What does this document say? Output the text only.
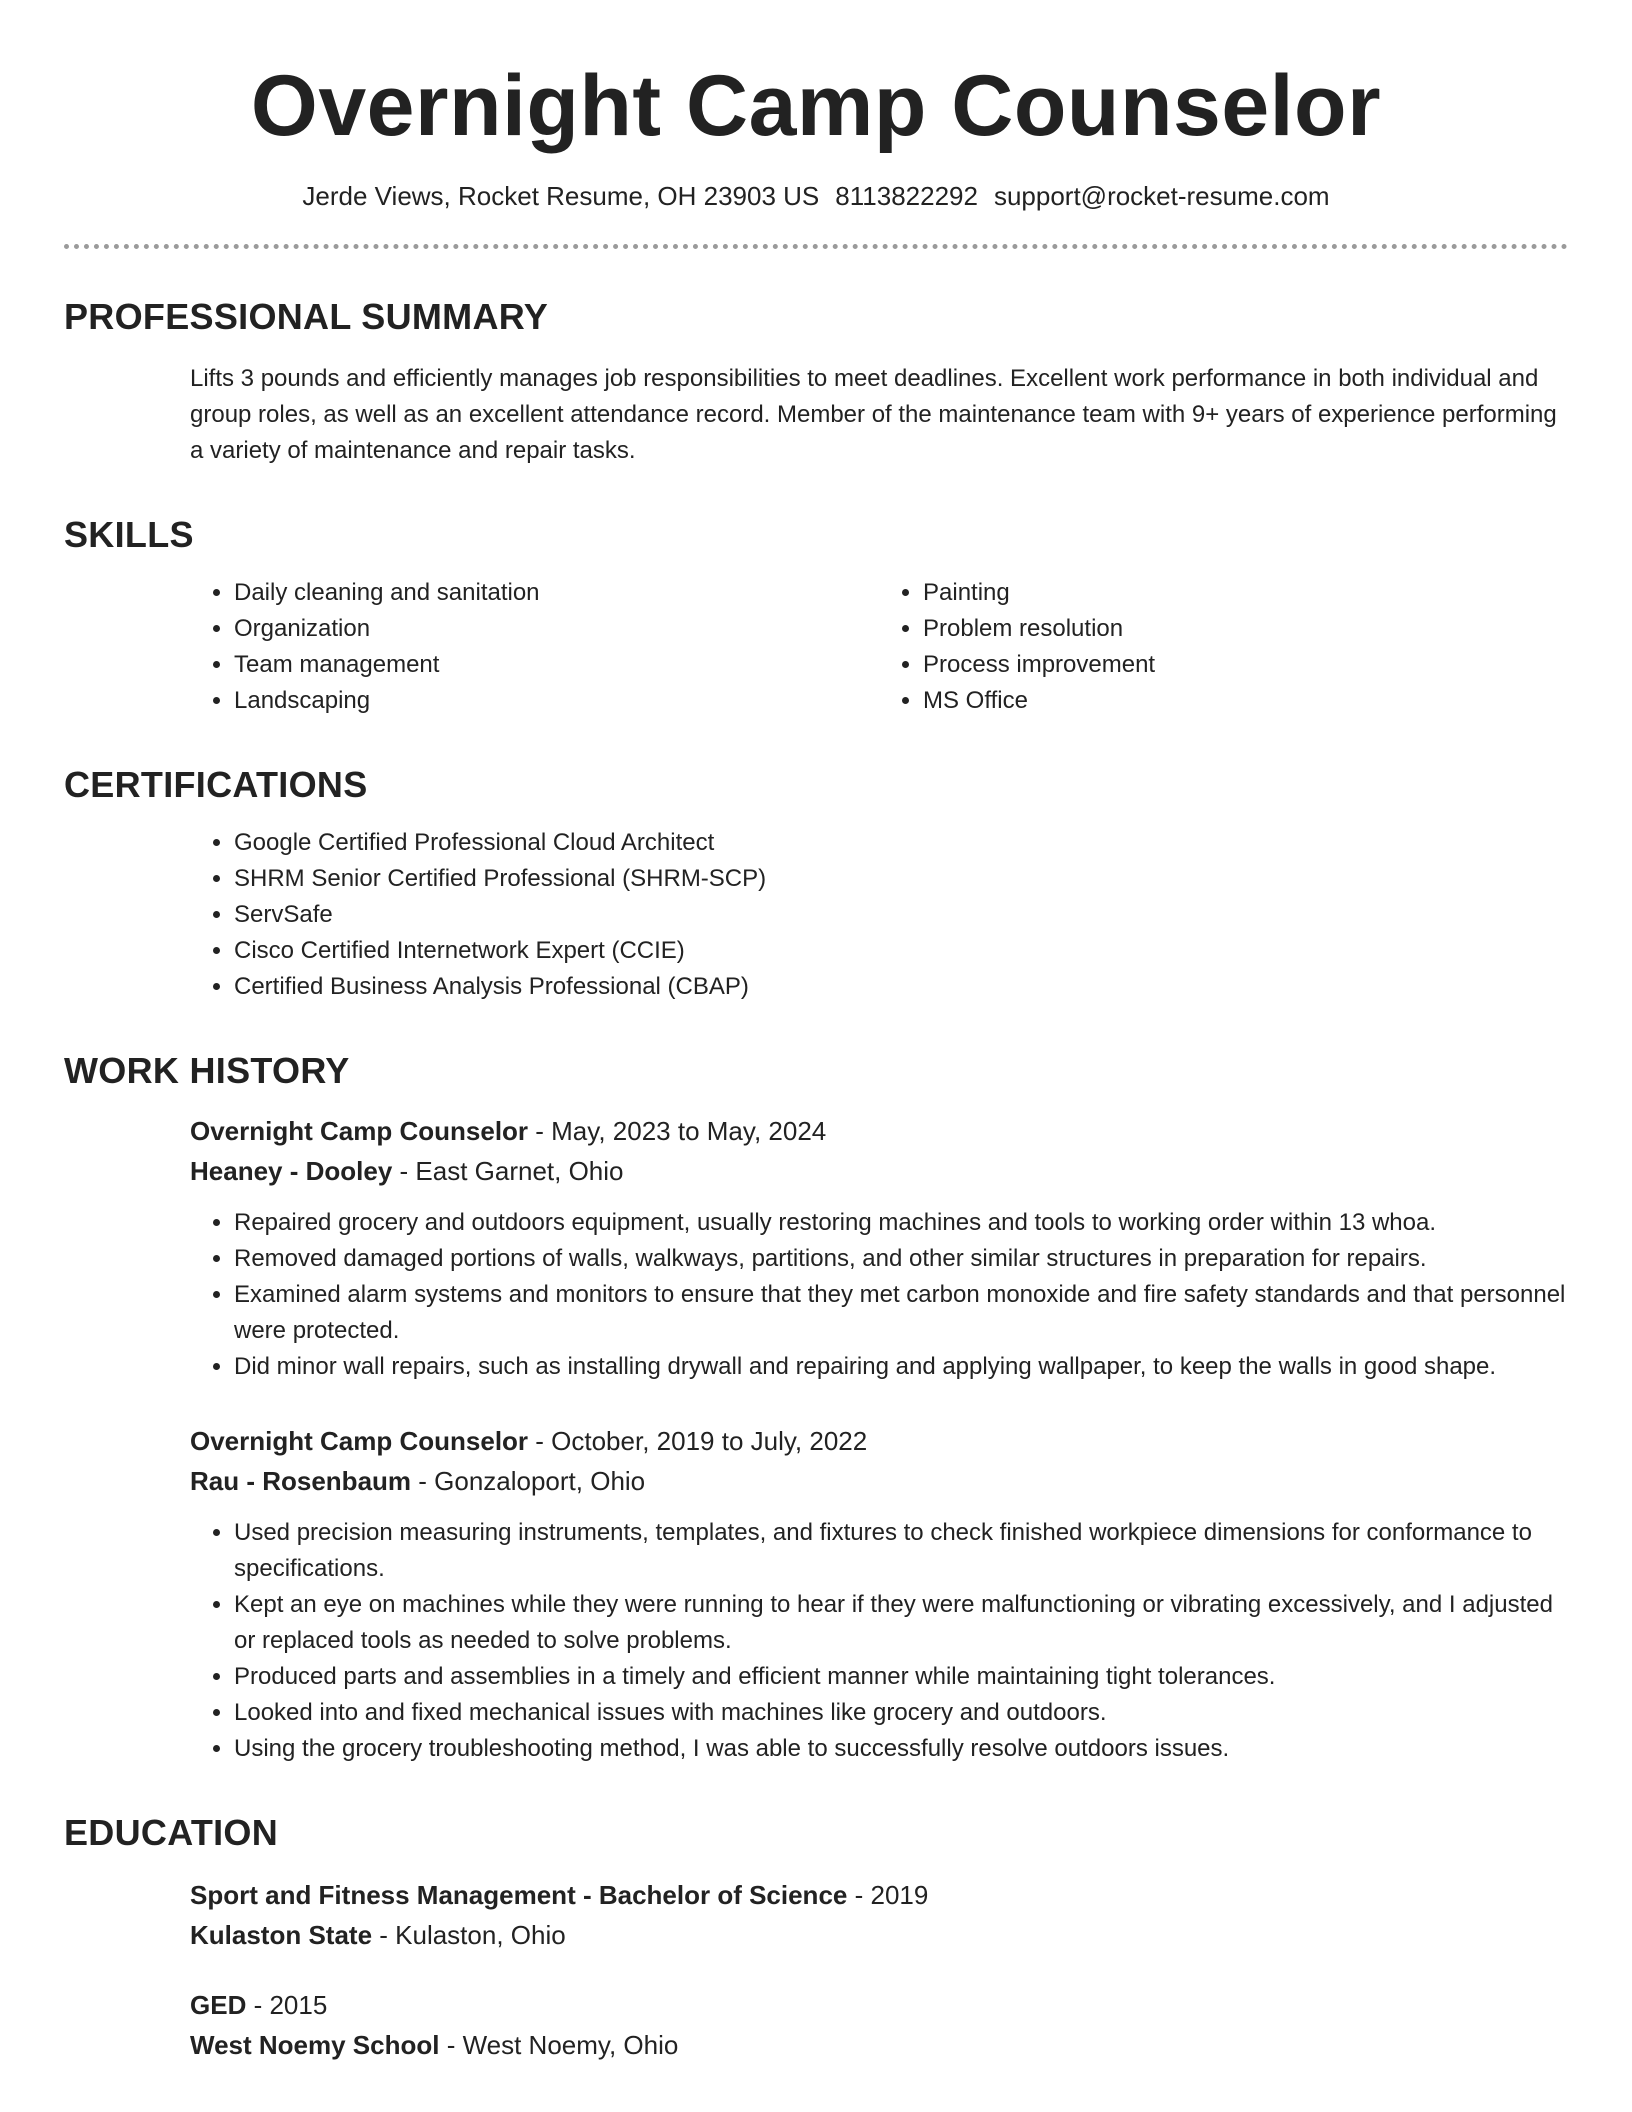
Overnight Camp Counselor
Jerde Views, Rocket Resume, OH 23903 US 8113822292 support@rocket-resume.com
PROFESSIONAL SUMMARY

Lifts 3 pounds and efficiently manages job responsibilities to meet deadlines. Excellent work performance in both individual and group roles, as well as an excellent attendance record. Member of the maintenance team with 9+ years of experience performing a variety of maintenance and repair tasks.

SKILLS
• Daily cleaning and sanitation
• Organization
• Team management
• Landscaping
• Painting
• Problem resolution
• Process improvement
• MS Office
CERTIFICATIONS
• Google Certified Professional Cloud Architect
• SHRM Senior Certified Professional (SHRM-SCP)
• ServSafe
• Cisco Certified Internetwork Expert (CCIE)
• Certified Business Analysis Professional (CBAP)
WORK HISTORY
Overnight Camp Counselor - May, 2023 to May, 2024
Heaney - Dooley - East Garnet, Ohio
• Repaired grocery and outdoors equipment, usually restoring machines and tools to working order within 13 whoa.
• Removed damaged portions of walls, walkways, partitions, and other similar structures in preparation for repairs.
• Examined alarm systems and monitors to ensure that they met carbon monoxide and fire safety standards and that personnel were protected.
• Did minor wall repairs, such as installing drywall and repairing and applying wallpaper, to keep the walls in good shape.
Overnight Camp Counselor - October, 2019 to July, 2022
Rau - Rosenbaum - Gonzaloport, Ohio
• Used precision measuring instruments, templates, and fixtures to check finished workpiece dimensions for conformance to specifications.
• Kept an eye on machines while they were running to hear if they were malfunctioning or vibrating excessively, and I adjusted or replaced tools as needed to solve problems.
• Produced parts and assemblies in a timely and efficient manner while maintaining tight tolerances.
• Looked into and fixed mechanical issues with machines like grocery and outdoors.
• Using the grocery troubleshooting method, I was able to successfully resolve outdoors issues.
EDUCATION
Sport and Fitness Management - Bachelor of Science - 2019
Kulaston State - Kulaston, Ohio
GED - 2015
West Noemy School - West Noemy, Ohio
